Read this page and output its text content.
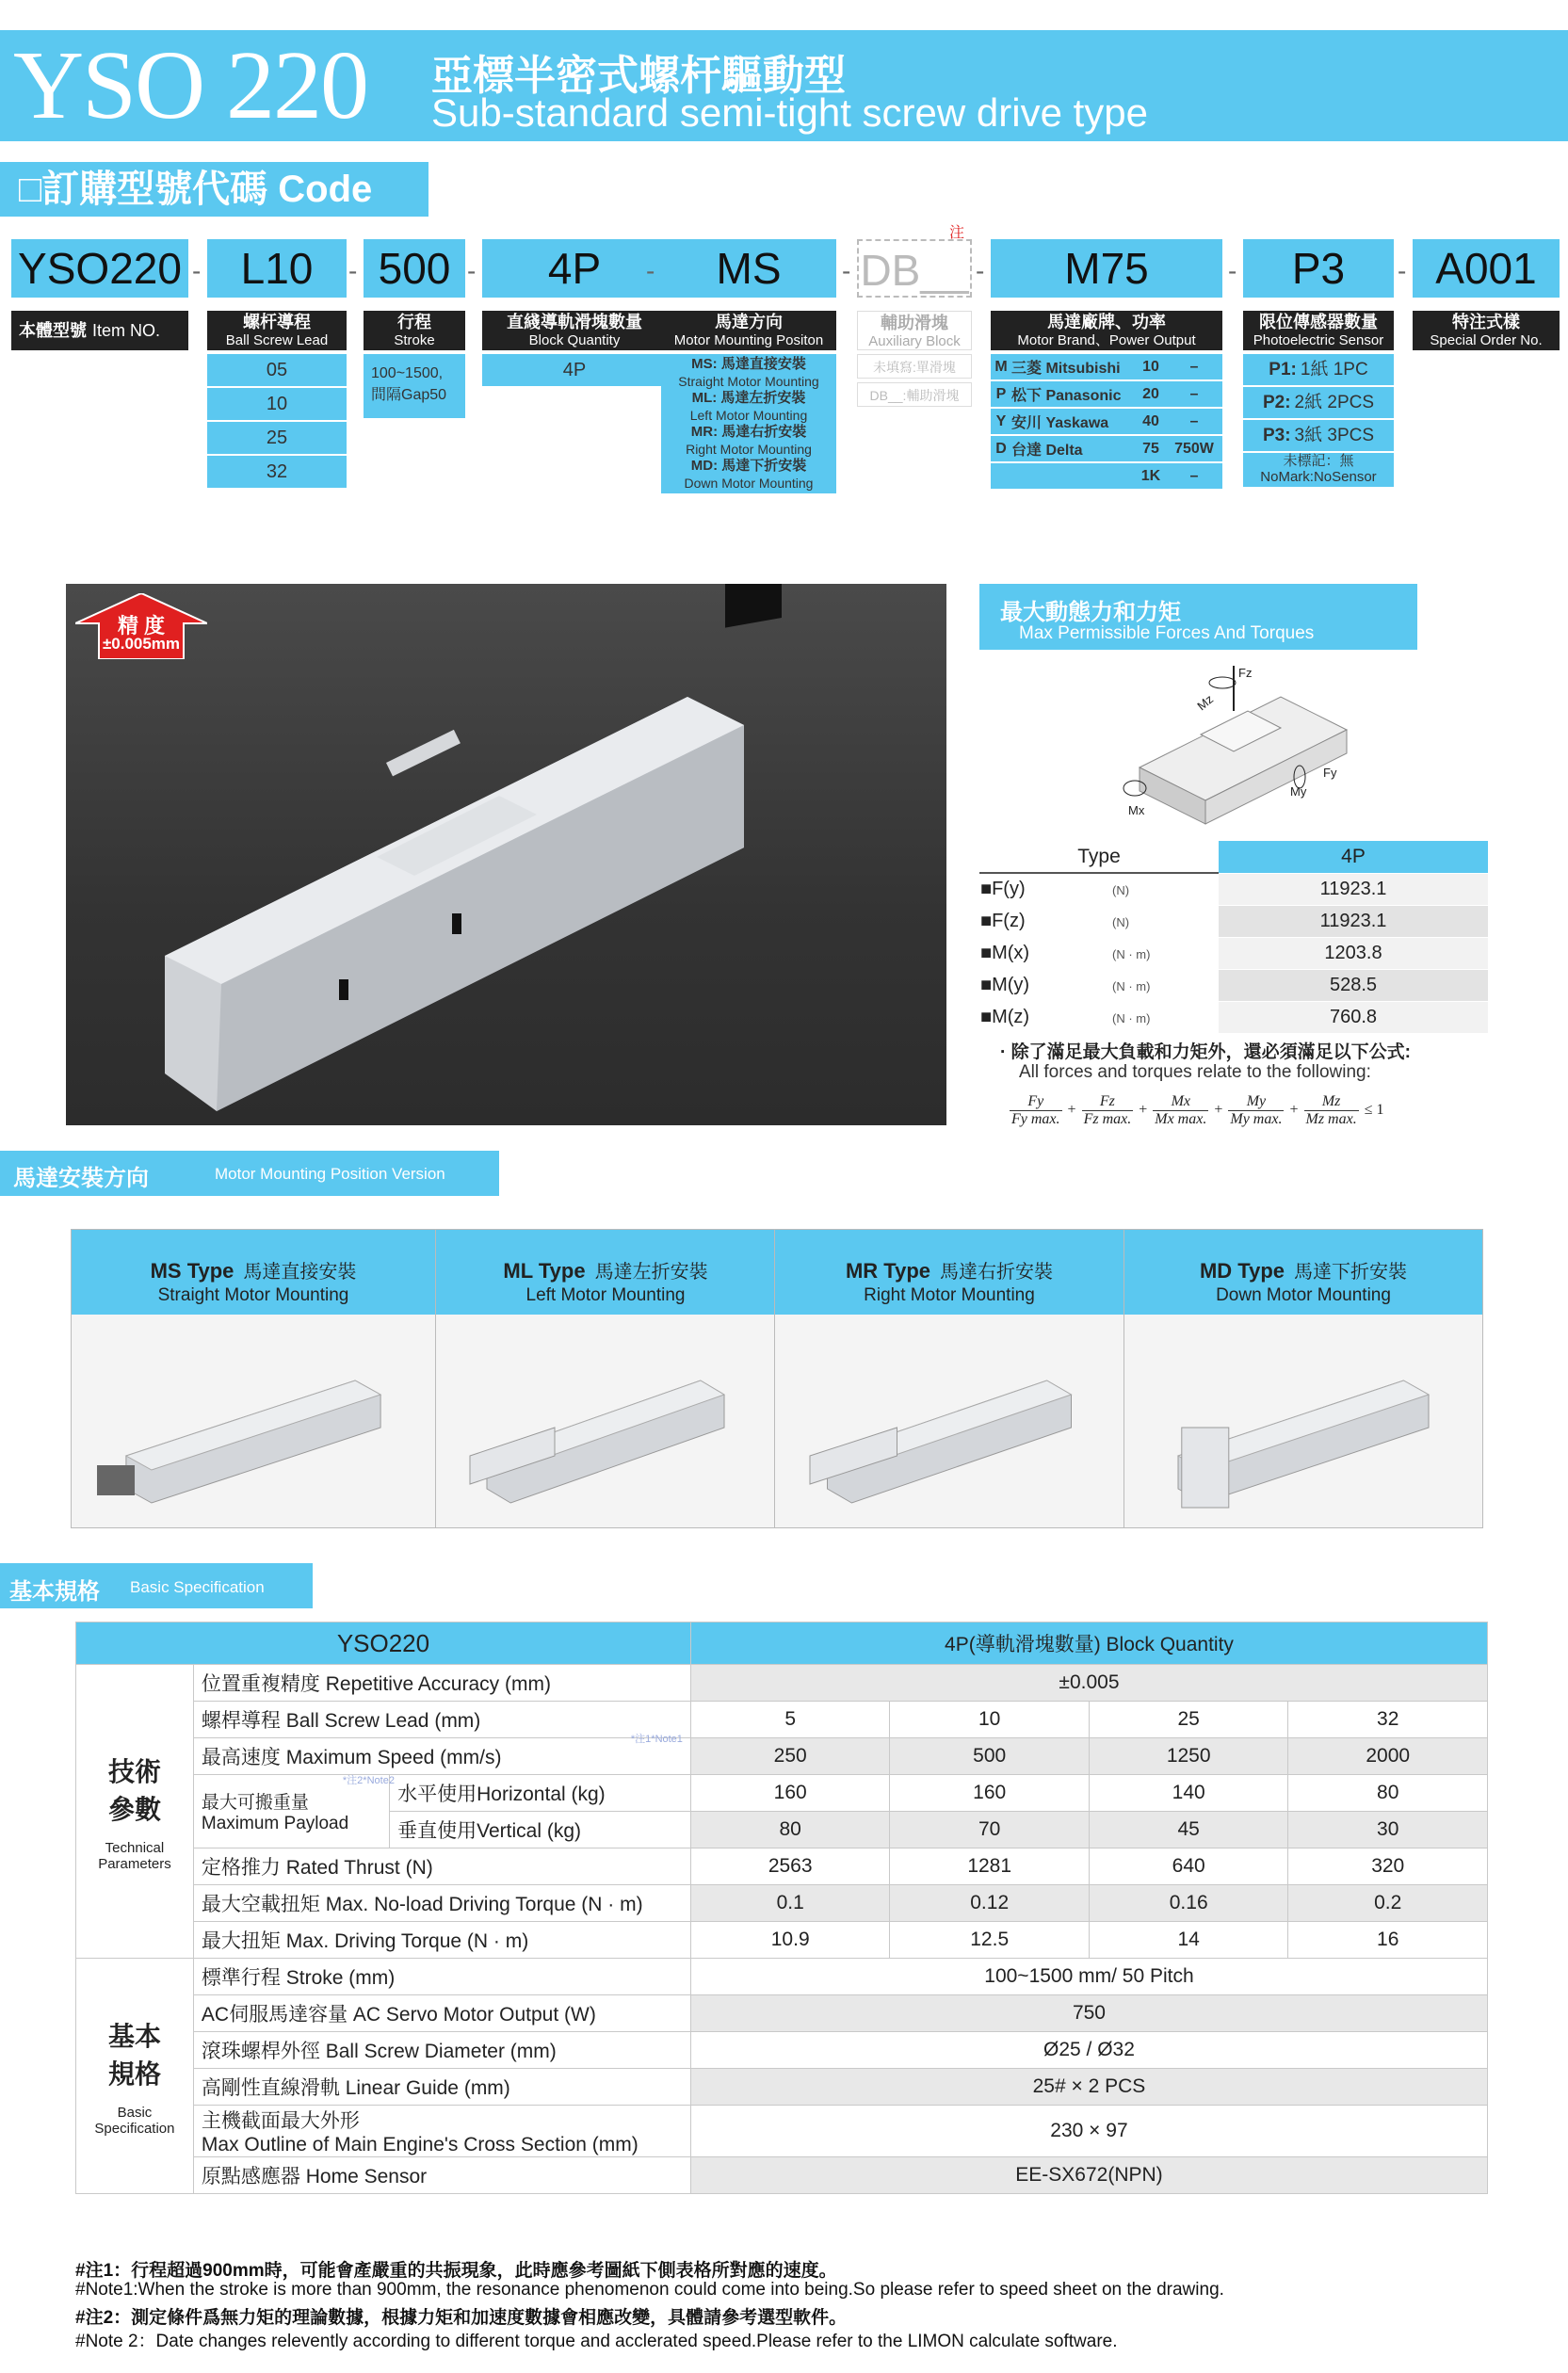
YSO 220 亞標半密式螺杆驅動型
Sub-standard semi-tight screw drive type
□訂購型號代碼 Code
YSO220
本體型號 Item NO.
L10
-
螺杆導程
Ball Screw Lead
05
10
25
32
500
-
行程
Stroke
100~1500,
間隔Gap50
4P
-
直綫導軌滑塊數量
Block Quantity
4P
MS
-
馬達方向
Motor Mounting Positon
MS: 馬達直接安裝
Straight Motor Mounting
ML: 馬達左折安裝
Left Motor Mounting
MR: 馬達右折安裝
Right Motor Mounting
MD: 馬達下折安裝
Down Motor Mounting
DB__
注
-
輔助滑塊
Auxiliary Block
未填寫:單滑塊
DB__:輔助滑塊
M75
-
馬達廠牌、功率
Motor Brand、Power Output
M 三菱 Mitsubishi	10	–
P 松下 Panasonic	20	–
Y 安川 Yaskawa	40	–
D 台達 Delta	75	750W
1K	–
P3
-
限位傳感器數量
Photoelectric Sensor
P1: 1紙 1PC
P2: 2紙 2PCS
P3: 3紙 3PCS
未標記：無
NoMark:NoSensor
A001
-
特注式樣
Special Order No.
精 度
±0.005mm
最大動態力和力矩
Max Permissible Forces And Torques
Fz
Mz
Fy
My
Mx
Type	4P
■F(y) (N)	11923.1
■F(z) (N)	11923.1
■M(x) (N · m)	1203.8
■M(y) (N · m)	528.5
■M(z) (N · m)	760.8
· 除了滿足最大負載和力矩外，還必須滿足以下公式:
All forces and torques relate to the following:
Fy
Fy max.
+
Fz
Fz max.
+
Mx
Mx max.
+
My
My max.
+
Mz
Mz max.
≤ 1
馬達安裝方向	Motor Mounting Position Version
MS Type 馬達直接安裝
Straight Motor Mounting
ML Type 馬達左折安裝
Left Motor Mounting
MR Type 馬達右折安裝
Right Motor Mounting
MD Type 馬達下折安裝
Down Motor Mounting
基本規格 Basic Specification
YSO220			4P(導軌滑塊數量) Block Quantity			

技術
參數
Technical
Parameters	位置重複精度 Repetitive Accuracy (mm)		±0.005			
	螺桿導程 Ball Screw Lead (mm)		5	10	25	32
	最高速度 Maximum Speed (mm/s)
*注1*Note1		250	500	1250	2000

	最大可搬重量
Maximum Payload
*注2*Note2	水平使用Horizontal (kg)	160	160	140	80
		垂直使用Vertical (kg)	80	70	45	30
	定格推力 Rated Thrust (N)		2563	1281	640	320
	最大空載扭矩 Max. No-load Driving Torque (N · m)		0.1	0.12	0.16	0.2
	最大扭矩 Max. Driving Torque (N · m)		10.9	12.5	14	16

基本
規格
Basic
Specification	標準行程 Stroke (mm)		100~1500 mm/ 50 Pitch			

	AC伺服馬達容量 AC Servo Motor Output (W)		750			

	滾珠螺桿外徑 Ball Screw Diameter (mm)		Ø25 / Ø32			

	高剛性直線滑軌 Linear Guide (mm)		25# × 2 PCS			

	主機截面最大外形
Max Outline of Main Engine's Cross Section (mm)		230 × 97			

	原點感應器 Home Sensor		EE-SX672(NPN)			
#注1：行程超過900mm時，可能會產嚴重的共振現象，此時應參考圖紙下側表格所對應的速度。
#Note1:When the stroke is more than 900mm, the resonance phenomenon could come into being.So please refer to speed sheet on the drawing.
#注2：測定條件爲無力矩的理論數據，根據力矩和加速度數據會相應改變，具體請參考選型軟件。
#Note 2：Date changes relevently according to different torque and acclerated speed.Please refer to the LIMON calculate software.
